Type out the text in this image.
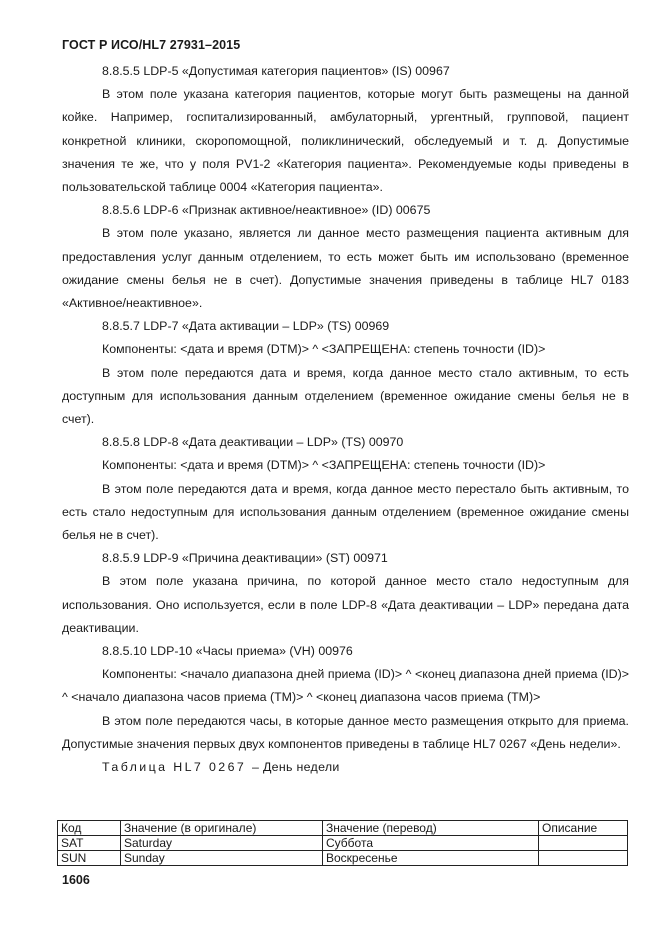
ГОСТ Р ИСО/HL7 27931–2015

8.8.5.5 LDP-5 «Допустимая категория пациентов» (IS) 00967

В этом поле указана категория пациентов, которые могут быть размещены на данной койке. Например, госпитализированный, амбулаторный, ургентный, групповой, пациент конкретной клиники, скоропомощной, поликлинический, обследуемый и т. д. Допустимые значения те же, что у поля PV1-2 «Категория пациента». Рекомендуемые коды приведены в пользовательской таблице 0004 «Категория пациента».

8.8.5.6 LDP-6 «Признак активное/неактивное» (ID) 00675

В этом поле указано, является ли данное место размещения пациента активным для предоставления услуг данным отделением, то есть может быть им использовано (временное ожидание смены белья не в счет). Допустимые значения приведены в таблице HL7 0183 «Активное/неактивное».

8.8.5.7 LDP-7 «Дата активации – LDP» (TS) 00969

Компоненты: <дата и время (DTM)> ^ <ЗАПРЕЩЕНА: степень точности (ID)>

В этом поле передаются дата и время, когда данное место стало активным, то есть доступным для использования данным отделением (временное ожидание смены белья не в счет).

8.8.5.8 LDP-8 «Дата деактивации – LDP» (TS) 00970

Компоненты: <дата и время (DTM)> ^ <ЗАПРЕЩЕНА: степень точности (ID)>

В этом поле передаются дата и время, когда данное место перестало быть активным, то есть стало недоступным для использования данным отделением (временное ожидание смены белья не в счет).

8.8.5.9 LDP-9 «Причина деактивации» (ST) 00971

В этом поле указана причина, по которой данное место стало недоступным для использования. Оно используется, если в поле LDP-8 «Дата деактивации – LDP» передана дата деактивации.

8.8.5.10 LDP-10 «Часы приема» (VH) 00976

Компоненты: <начало диапазона дней приема (ID)> ^ <конец диапазона дней приема (ID)> ^ <начало диапазона часов приема (TM)> ^ <конец диапазона часов приема (TM)>

В этом поле передаются часы, в которые данное место размещения открыто для приема. Допустимые значения первых двух компонентов приведены в таблице HL7 0267 «День недели».

Таблица HL7 0267 – День недели
Код	Значение (в оригинале)	Значение (перевод)	Описание
SAT	Saturday	Суббота	
SUN	Sunday	Воскресенье	
1606
